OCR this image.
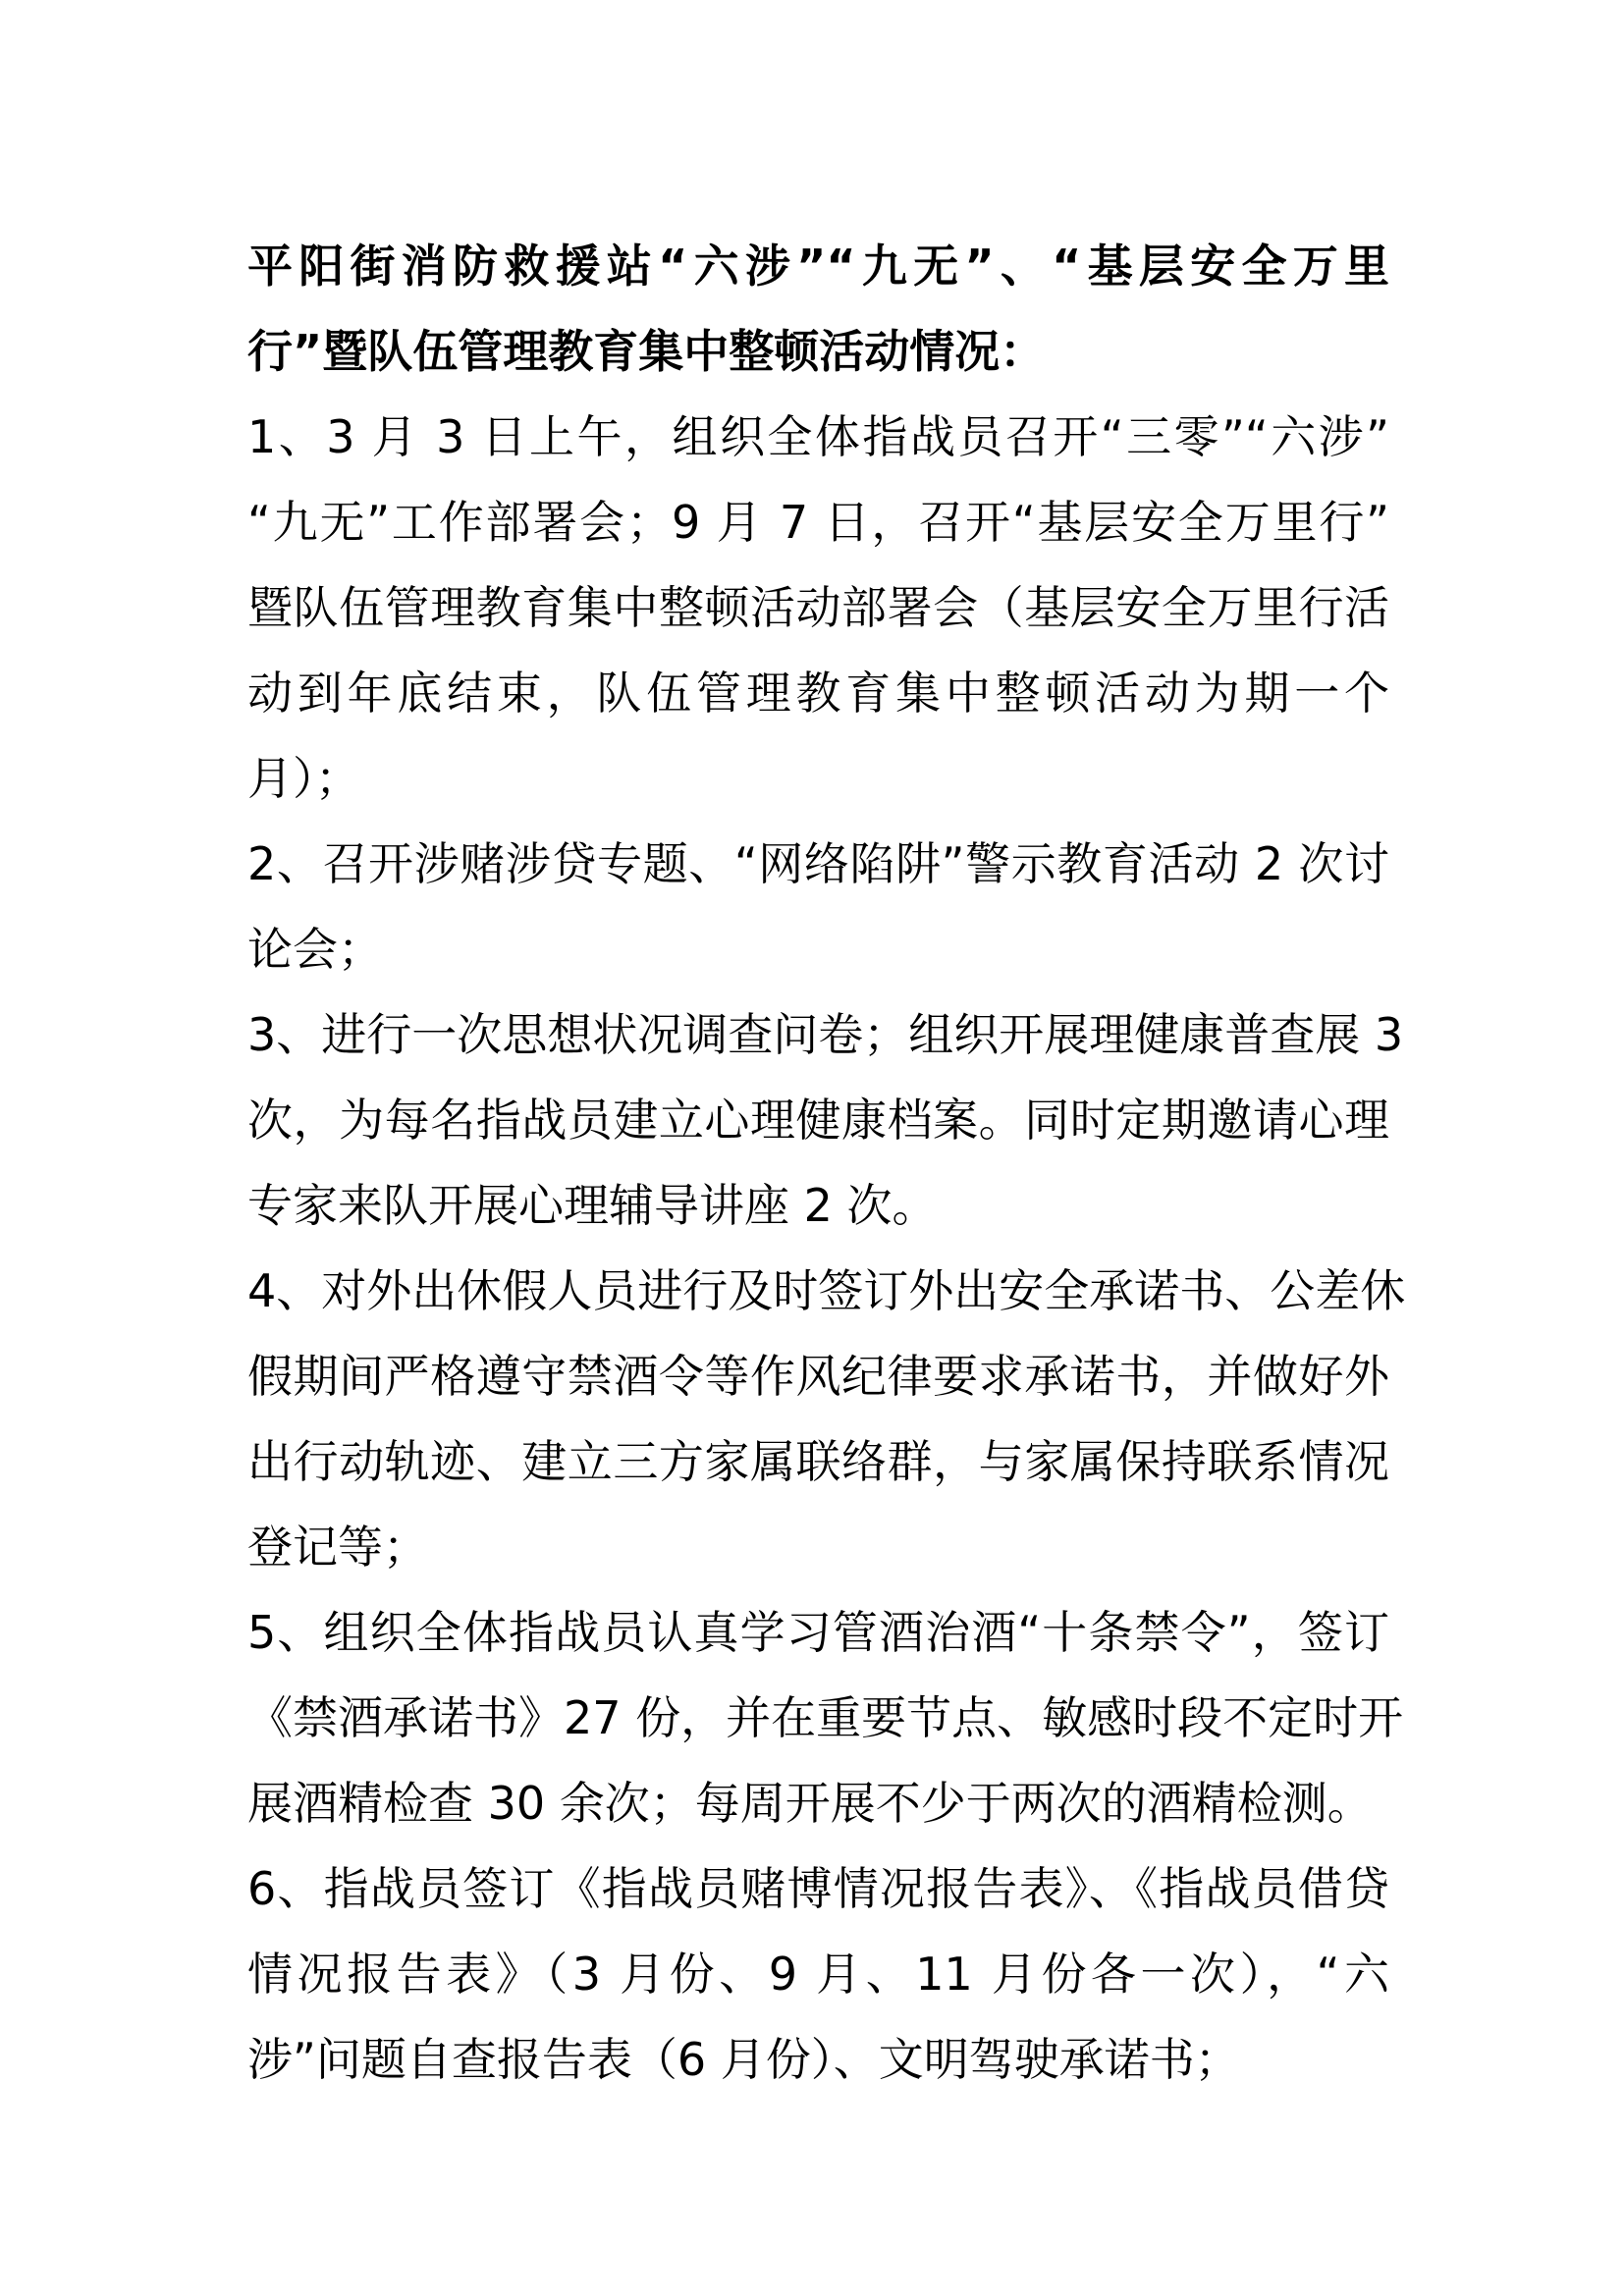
平阳街消防救援站“六涉”“九无”、“基层安全万里
行”暨队伍管理教育集中整顿活动情况：
1、3 月 3 日上午，组织全体指战员召开“三零”“六涉”
“九无”工作部署会；9 月 7 日，召开“基层安全万里行”
暨队伍管理教育集中整顿活动部署会（基层安全万里行活
动到年底结束，队伍管理教育集中整顿活动为期一个
月）；
2、召开涉赌涉贷专题、“网络陷阱”警示教育活动 2 次讨
论会；
3、进行一次思想状况调查问卷；组织开展理健康普查展 3
次，为每名指战员建立心理健康档案。同时定期邀请心理
专家来队开展心理辅导讲座 2 次。
4、对外出休假人员进行及时签订外出安全承诺书、公差休
假期间严格遵守禁酒令等作风纪律要求承诺书，并做好外
出行动轨迹、建立三方家属联络群，与家属保持联系情况
登记等；
5、组织全体指战员认真学习管酒治酒“十条禁令”，签订
《禁酒承诺书》27 份，并在重要节点、敏感时段不定时开
展酒精检查 30 余次；每周开展不少于两次的酒精检测。
6、指战员签订《指战员赌博情况报告表》、《指战员借贷
情况报告表》（3 月份、9 月、11 月份各一次），“六
涉”问题自查报告表（6 月份）、文明驾驶承诺书；
